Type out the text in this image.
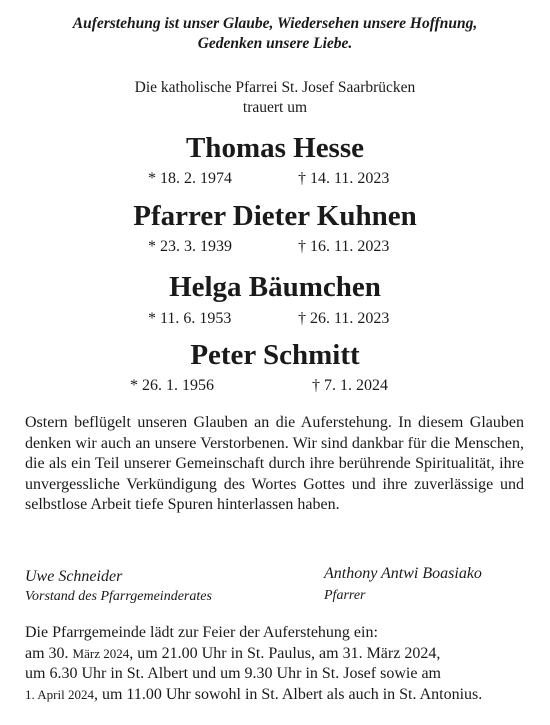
Auferstehung ist unser Glaube, Wiedersehen unsere Hoffnung,
Gedenken unsere Liebe.
Die katholische Pfarrei St. Josef Saarbrücken
trauert um
Thomas Hesse
* 18. 2. 1974	† 14. 11. 2023
Pfarrer Dieter Kuhnen
* 23. 3. 1939	† 16. 11. 2023
Helga Bäumchen
* 11. 6. 1953	† 26. 11. 2023
Peter Schmitt
* 26. 1. 1956	† 7. 1. 2024
Ostern beflügelt unseren Glauben an die Auferstehung. In diesem Glauben denken wir auch an unsere Verstorbenen. Wir sind dankbar für die Menschen, die als ein Teil unserer Gemeinschaft durch ihre berührende Spiritualität, ihre unvergessliche Verkündigung des Wortes Gottes und ihre zuverlässige und selbstlose Arbeit tiefe Spuren hinterlassen haben.
Uwe Schneider
Vorstand des Pfarrgemeinderates
Anthony Antwi Boasiako
Pfarrer
Die Pfarrgemeinde lädt zur Feier der Auferstehung ein:
am 30. März 2024, um 21.00 Uhr in St. Paulus, am 31. März 2024,
um 6.30 Uhr in St. Albert und um 9.30 Uhr in St. Josef sowie am
1. April 2024, um 11.00 Uhr sowohl in St. Albert als auch in St. Antonius.
